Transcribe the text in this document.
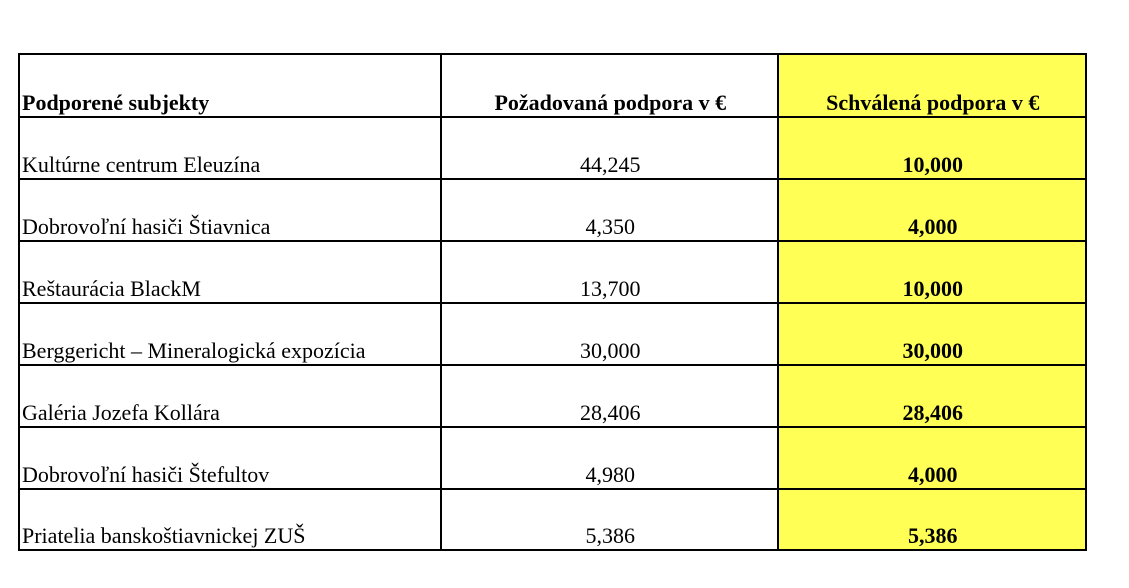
Podporené subjekty	Požadovaná podpora v €	Schválená podpora v €
Kultúrne centrum Eleuzína	44,245	10,000
Dobrovoľní hasiči Štiavnica	4,350	4,000
Reštaurácia BlackM	13,700	10,000
Berggericht – Mineralogická expozícia	30,000	30,000
Galéria Jozefa Kollára	28,406	28,406
Dobrovoľní hasiči Štefultov	4,980	4,000
Priatelia banskoštiavnickej ZUŠ	5,386	5,386
